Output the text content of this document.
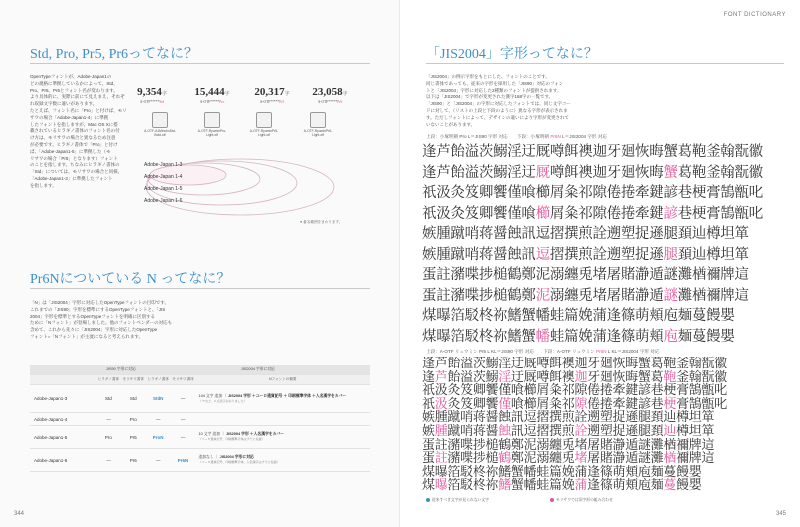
Std, Pro, Pr5, Pr6ってなに？

OpenTypeフォントが、Adobe-Japan1の
どの規格に準拠しているかによって、Std、
Pro、Pr5、Pr6とフォント名が変わります。
より具体的に、実際に前にて見えまえ、それぞ
れ収録文字数に違いがあります。
たとえば、フォント名に「Pro」と付けば、モリ
サワの場合「Adobe-Japan1-4」に準拠
したフォントを指しますが、Mac OS Xに搭
載されているヒラギノ書体のフォント名の付
け方は、モリサワの場合と異なるため注意
が必要です。ヒラギノ書体で「Pro」と付け
ば、「Adobe-Japan1-5」に準拠した（モ
リサワの場合「Pr5」となります）フォント
のことを指します。ちなみにヒラギノ書体の
「Std」については、モリサワの場合と同様、
「Adobe-Japan1-3」に準拠したフォント
を指します。

9,354字
A-OTF*****Std
15,444字
A-OTF*****Pro
20,317字
A-OTF*****Pr5
23,058字
A-OTF*****Pr6
A-OTF-A1MinchoStd-Bold.otf
A-OTF-RyuminPro-Light.otf
A-OTF-RyuminPr5-Light.otf
A-OTF-RyuminPr6-Light.otf
Adobe-Japan 1-3
Adobe-Japan 1-4
Adobe-Japan 1-5
Adobe-Japan 1-6
● 番名範囲をまわります。
Pr6Nについている N ってなに？

「N」は「JIS2004」字形に対応したOpenTypeフォントの目印です。
これまでの「JIS90」字形を標準にするOpenTypeフォントと、「JIS
2004」字形を標準とするOpenTypeフォントを明確に区別する
ために「Nフォント」が登場しました。他のフォントベンダーの対応も
含めて、これから先々に「JIS2004」字形に対応したOpenType
フォント=「Nフォント」が主流になると考えられます。

	JIS90 字形に対応		JIS2004 字形に対応		
	ヒラギノ書体	モリサワ書体	ヒラギノ書体	モリサワ書体	Nフォントの概要
Adobe-Japan1-3	Std	Std	StdN	—	144 文字 追加 ｜ JIS2004 字形 ＋ユーロ通貨記号 ＋ 印刷標準字体 ＋人名漢字をカバー
（“†”など、2 点表示がありました）

Adobe-Japan1-4	—	Pro	—	—	
Adobe-Japan1-5	Pro	Pr5	ProN	—	10 文字 追加 ｜ JIS2004 字形 ＋人名漢字をカバー
（ユーロ通貨記号、印刷標準字体はすでに収録）

Adobe-Japan1-6	—	Pr6	—	Pr6N	追加なし ｜ JIS2004 字形に対応
（ユーロ通貨記号、印刷標準字体、人名漢字はすでに収録）
344
FONT DICTIONARY
「JIS2004」字形ってなに？

「JIS2004」の例示字形をもとにした、フォントのことです。
同じ書体であっても、従来の字形を採用した「JIS90」対応のフォン
トと「JIS2004」字形に対応した2種類のフォントが提供されます。
以下は「JIS2004」で字形が変更された漢字168字の一覧です。
「JIS90」と「JIS2004」の字形に対応したフォントでは、同じ文字コー
ドに対して、（リストの上段と下段のように）異なる字形が表示されま
す。ただしフォントによって、デザインの違いにより字形が変更されて
いないことがあります。

上段：小塚明朝 Pro L＝JIS90 字形 対応　　下段：小塚明朝 Pr6N L＝JIS2004 字形 対応
逢芦飴溢茨鰯淫迂厩噂餌襖迦牙廻恢晦蟹葛鞄釜翰翫徽
逢芦飴溢茨鰯淫迂厩噂餌襖迦牙廻恢晦蟹葛鞄釜翰翫徽
祇汲灸笈卿饗僅喰櫛屑粂祁隙倦捲牽鍵諺巷梗膏鵠甑叱
祇汲灸笈卿饗僅喰櫛屑粂祁隙倦捲牽鍵諺巷梗膏鵠甑叱
嫉腫蹴哨蒋醤蝕訊逗摺撰煎詮遡塑捉遜腿頚辿樽坦箪
嫉腫蹴哨蒋醤蝕訊逗摺撰煎詮遡塑捉遜腿頚辿樽坦箪
蛋註瀦喋捗槌鶴鄭泥溺纏兎堵屠賭瀞遁謎灘楢禰牌這
蛋註瀦喋捗槌鶴鄭泥溺纏兎堵屠賭瀞遁謎灘楢禰牌這
煤曝箔駁柊祢鰭蟹幡蛙篇娩蒲逢篠萌頬庖麺蔓饅嬰
煤曝箔駁柊祢鰭蟹幡蛙篇娩蒲逢篠萌頬庖麺蔓饅嬰
上段：A-OTF リュウミン Pr5 L KL＝JIS90 字形 対応　　下段：A-OTF リュウミン Pr6N L KL＝JIS2004 字形 対応
逢芦飴溢茨鰯淫迂厩噂餌襖迦牙廻恢晦蟹葛鞄釜翰翫徽
逢芦飴溢茨鰯淫迂厩噂餌襖迦牙廻恢晦蟹葛鞄釜翰翫徽
祇汲灸笈卿饗僅喰櫛屑粂祁隙倦捲牽鍵諺巷梗膏鵠甑叱
祇汲灸笈卿饗僅喰櫛屑粂祁隙倦捲牽鍵諺巷梗膏鵠甑叱
嫉腫蹴哨蒋醤蝕訊逗摺撰煎詮遡塑捉遜腿頚辿樽坦箪
嫉腫蹴哨蒋醤蝕訊逗摺撰煎詮遡塑捉遜腿頚辿樽坦箪
蛋註瀦喋捗槌鶴鄭泥溺纏兎堵屠賭瀞遁謎灘楢禰牌這
蛋註瀦喋捗槌鶴鄭泥溺纏兎堵屠賭瀞遁謎灘楢禰牌這
煤曝箔駁柊祢鰭蟹幡蛙篇娩蒲逢篠萌頬庖麺蔓饅嬰
煤曝箔駁柊祢鰭蟹幡蛙篇娩蒲逢篠萌頬庖麺蔓饅嬰
従来すべき文字が見られない文字	モリサワでは旧字形の組み合わせ
345
